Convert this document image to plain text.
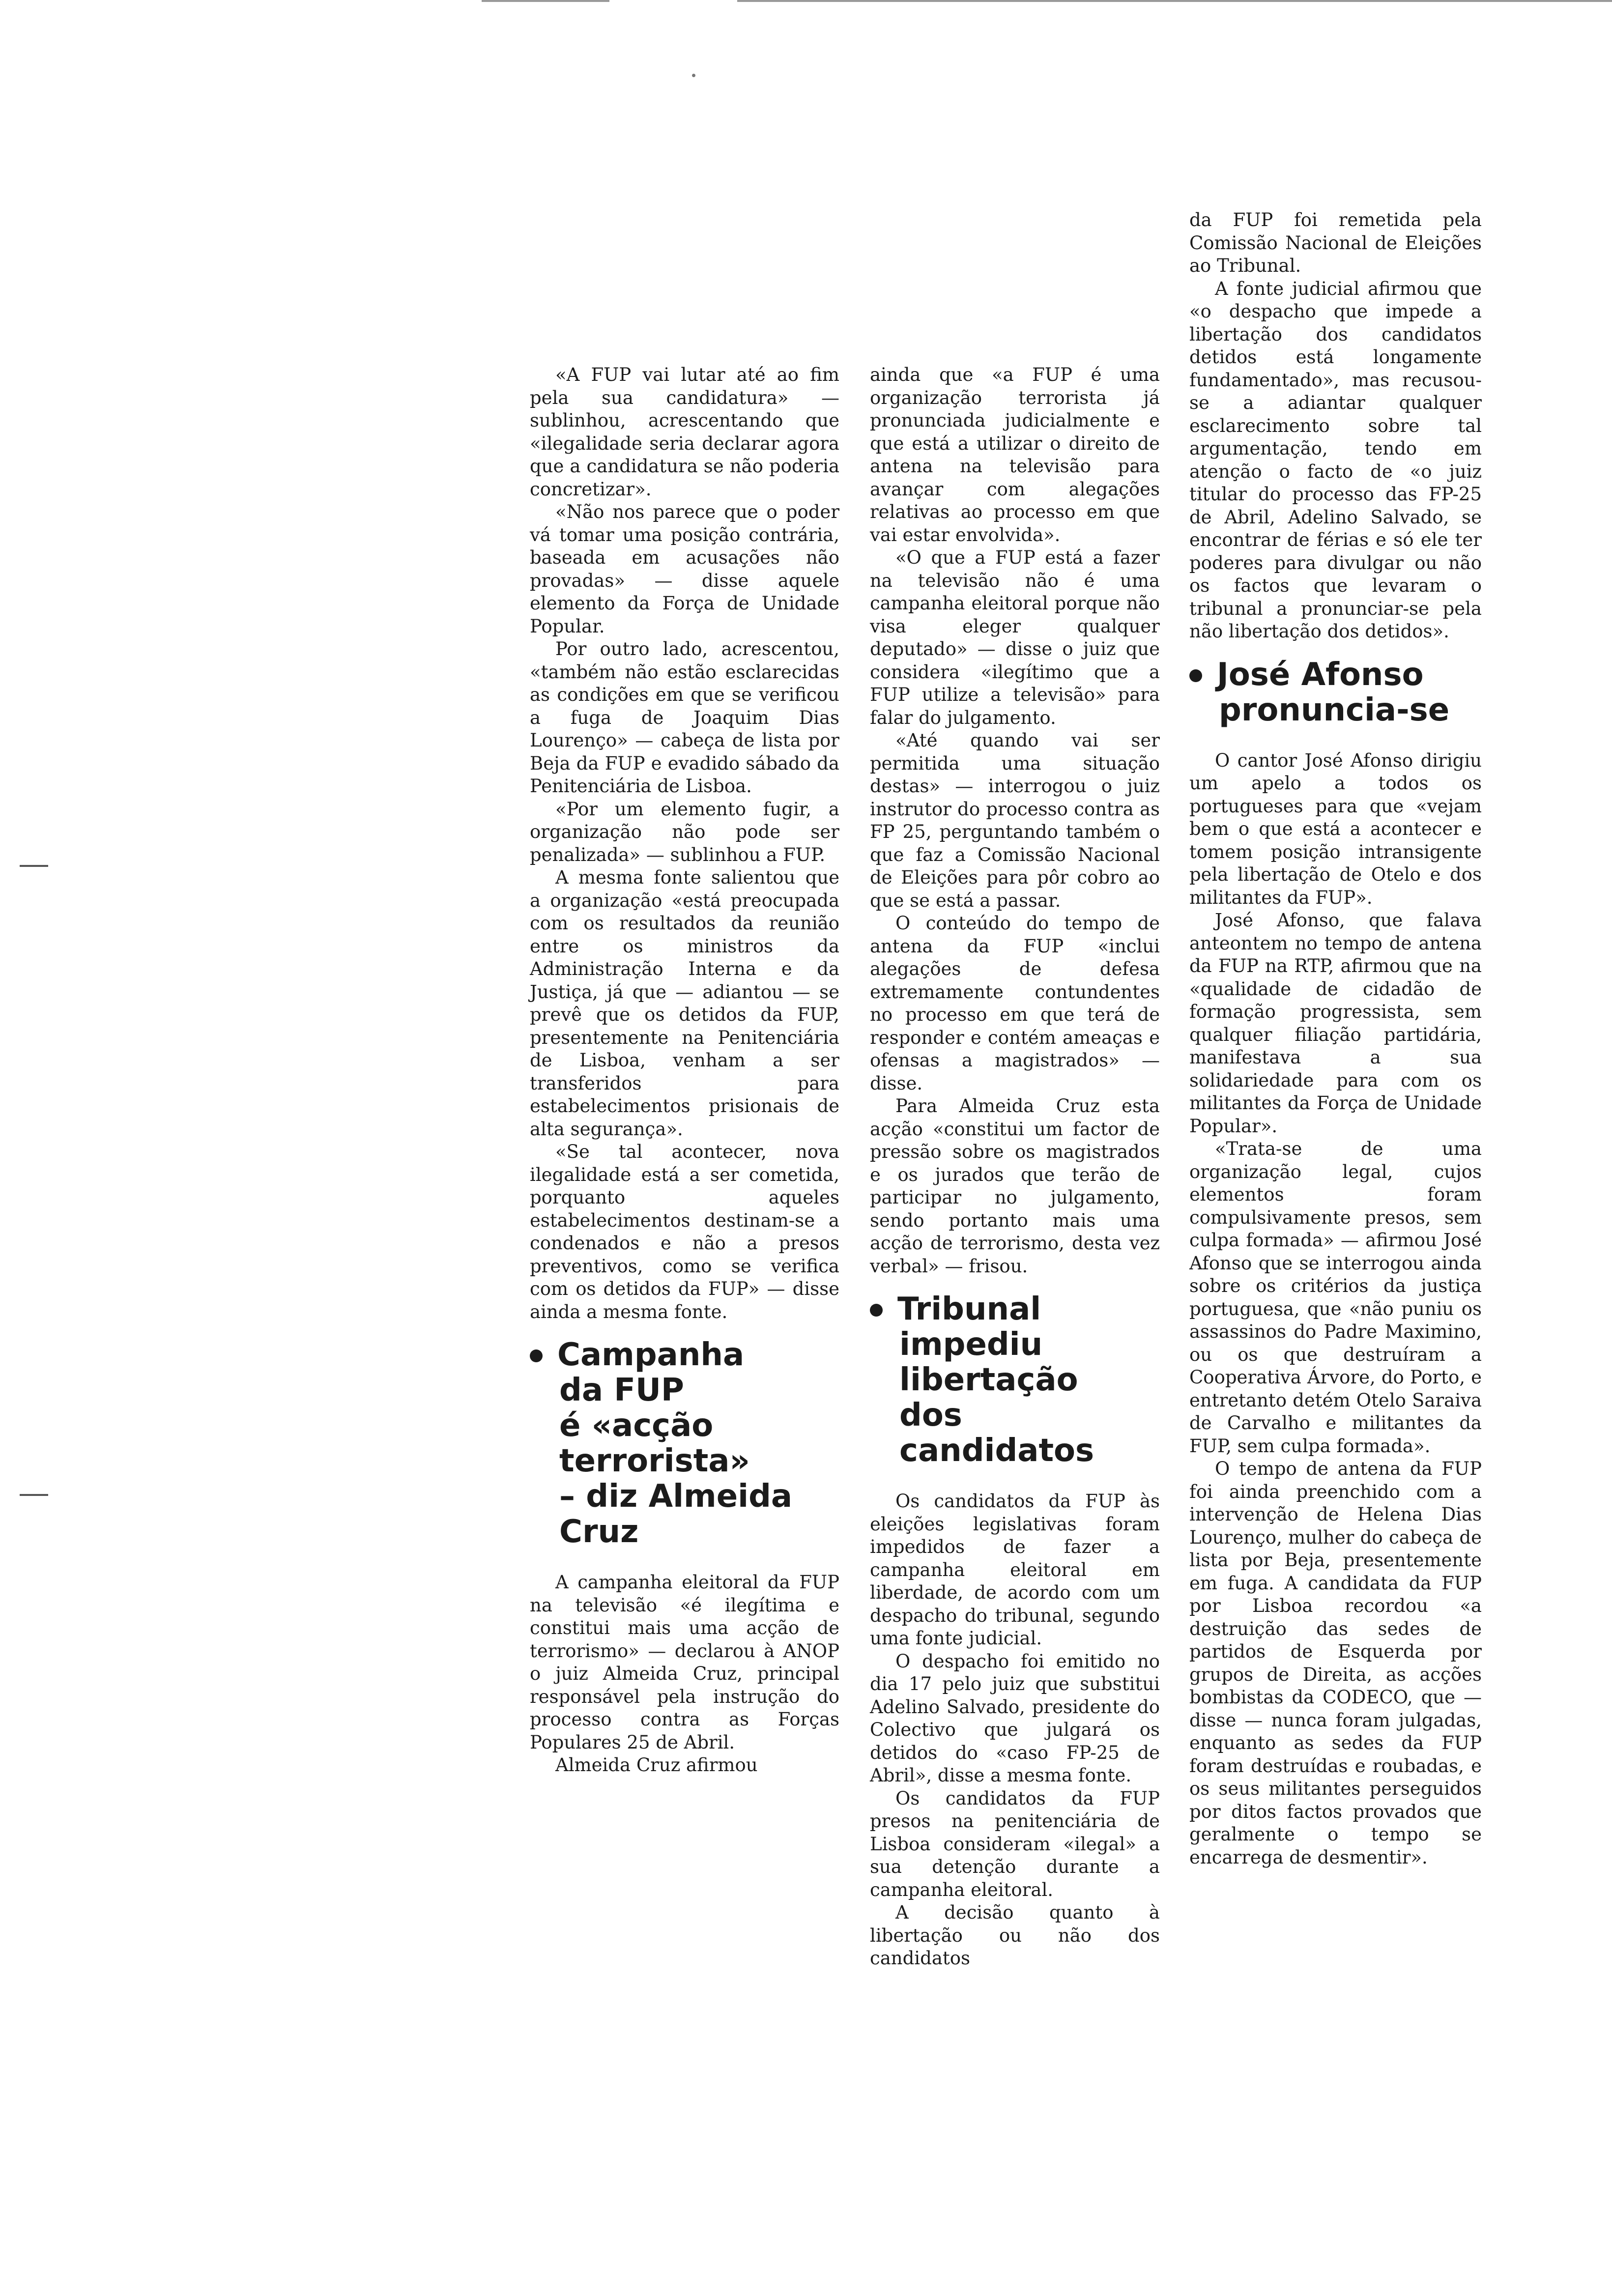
«A FUP vai lutar até ao fim pela sua candidatura» — sublinhou, acrescentando que «ilegalidade seria declarar agora que a candidatura se não poderia concretizar».

«Não nos parece que o poder vá tomar uma posição contrária, baseada em acusações não provadas» — disse aquele elemento da Força de Unidade Popular.

Por outro lado, acrescentou, «também não estão esclarecidas as condições em que se verificou a fuga de Joaquim Dias Lourenço» — cabeça de lista por Beja da FUP e evadido sábado da Penitenciária de Lisboa.

«Por um elemento fugir, a organização não pode ser penalizada» — sublinhou a FUP.

A mesma fonte salientou que a organização «está preocupada com os resultados da reunião entre os ministros da Administração Interna e da Justiça, já que — adiantou — se prevê que os detidos da FUP, presentemente na Penitenciária de Lisboa, venham a ser transferidos para estabelecimentos prisionais de alta segurança».

«Se tal acontecer, nova ilegalidade está a ser cometida, porquanto aqueles estabelecimentos destinam-se a condenados e não a presos preventivos, como se verifica com os detidos da FUP» — disse ainda a mesma fonte.

Campanha
da FUP
é «acção
terrorista»
– diz Almeida
Cruz

A campanha eleitoral da FUP na televisão «é ilegítima e constitui mais uma acção de terrorismo» — declarou à ANOP o juiz Almeida Cruz, principal responsável pela instrução do processo contra as Forças Populares 25 de Abril.

Almeida Cruz afirmou

ainda que «a FUP é uma organização terrorista já pronunciada judicialmente e que está a utilizar o direito de antena na televisão para avançar com alegações relativas ao processo em que vai estar envolvida».

«O que a FUP está a fazer na televisão não é uma campanha eleitoral porque não visa eleger qualquer deputado» — disse o juiz que considera «ilegítimo que a FUP utilize a televisão» para falar do julgamento.

«Até quando vai ser permitida uma situação destas» — interrogou o juiz instrutor do processo contra as FP 25, perguntando também o que faz a Comissão Nacional de Eleições para pôr cobro ao que se está a passar.

O conteúdo do tempo de antena da FUP «inclui alegações de defesa extremamente contundentes no processo em que terá de responder e contém ameaças e ofensas a magistrados» — disse.

Para Almeida Cruz esta acção «constitui um factor de pressão sobre os magistrados e os jurados que terão de participar no julgamento, sendo portanto mais uma acção de terrorismo, desta vez verbal» — frisou.

Tribunal
impediu
libertação
dos candidatos

Os candidatos da FUP às eleições legislativas foram impedidos de fazer a campanha eleitoral em liberdade, de acordo com um despacho do tribunal, segundo uma fonte judicial.

O despacho foi emitido no dia 17 pelo juiz que substitui Adelino Salvado, presidente do Colectivo que julgará os detidos do «caso FP-25 de Abril», disse a mesma fonte.

Os candidatos da FUP presos na penitenciária de Lisboa consideram «ilegal» a sua detenção durante a campanha eleitoral.

A decisão quanto à libertação ou não dos candidatos

da FUP foi remetida pela Comissão Nacional de Eleições ao Tribunal.

A fonte judicial afirmou que «o despacho que impede a libertação dos candidatos detidos está longamente fundamentado», mas recusou-se a adiantar qualquer esclarecimento sobre tal argumentação, tendo em atenção o facto de «o juiz titular do processo das FP-25 de Abril, Adelino Salvado, se encontrar de férias e só ele ter poderes para divulgar ou não os factos que levaram o tribunal a pronunciar-se pela não libertação dos detidos».

José Afonso
pronuncia-se

O cantor José Afonso dirigiu um apelo a todos os portugueses para que «vejam bem o que está a acontecer e tomem posição intransigente pela libertação de Otelo e dos militantes da FUP».

José Afonso, que falava anteontem no tempo de antena da FUP na RTP, afirmou que na «qualidade de cidadão de formação progressista, sem qualquer filiação partidária, manifestava a sua solidariedade para com os militantes da Força de Unidade Popular».

«Trata-se de uma organização legal, cujos elementos foram compulsivamente presos, sem culpa formada» — afirmou José Afonso que se interrogou ainda sobre os critérios da justiça portuguesa, que «não puniu os assassinos do Padre Maximino, ou os que destruíram a Cooperativa Árvore, do Porto, e entretanto detém Otelo Saraiva de Carvalho e militantes da FUP, sem culpa formada».

O tempo de antena da FUP foi ainda preenchido com a intervenção de Helena Dias Lourenço, mulher do cabeça de lista por Beja, presentemente em fuga. A candidata da FUP por Lisboa recordou «a destruição das sedes de partidos de Esquerda por grupos de Direita, as acções bombistas da CODECO, que — disse — nunca foram julgadas, enquanto as sedes da FUP foram destruídas e roubadas, e os seus militantes perseguidos por ditos factos provados que geralmente o tempo se encarrega de desmentir».
